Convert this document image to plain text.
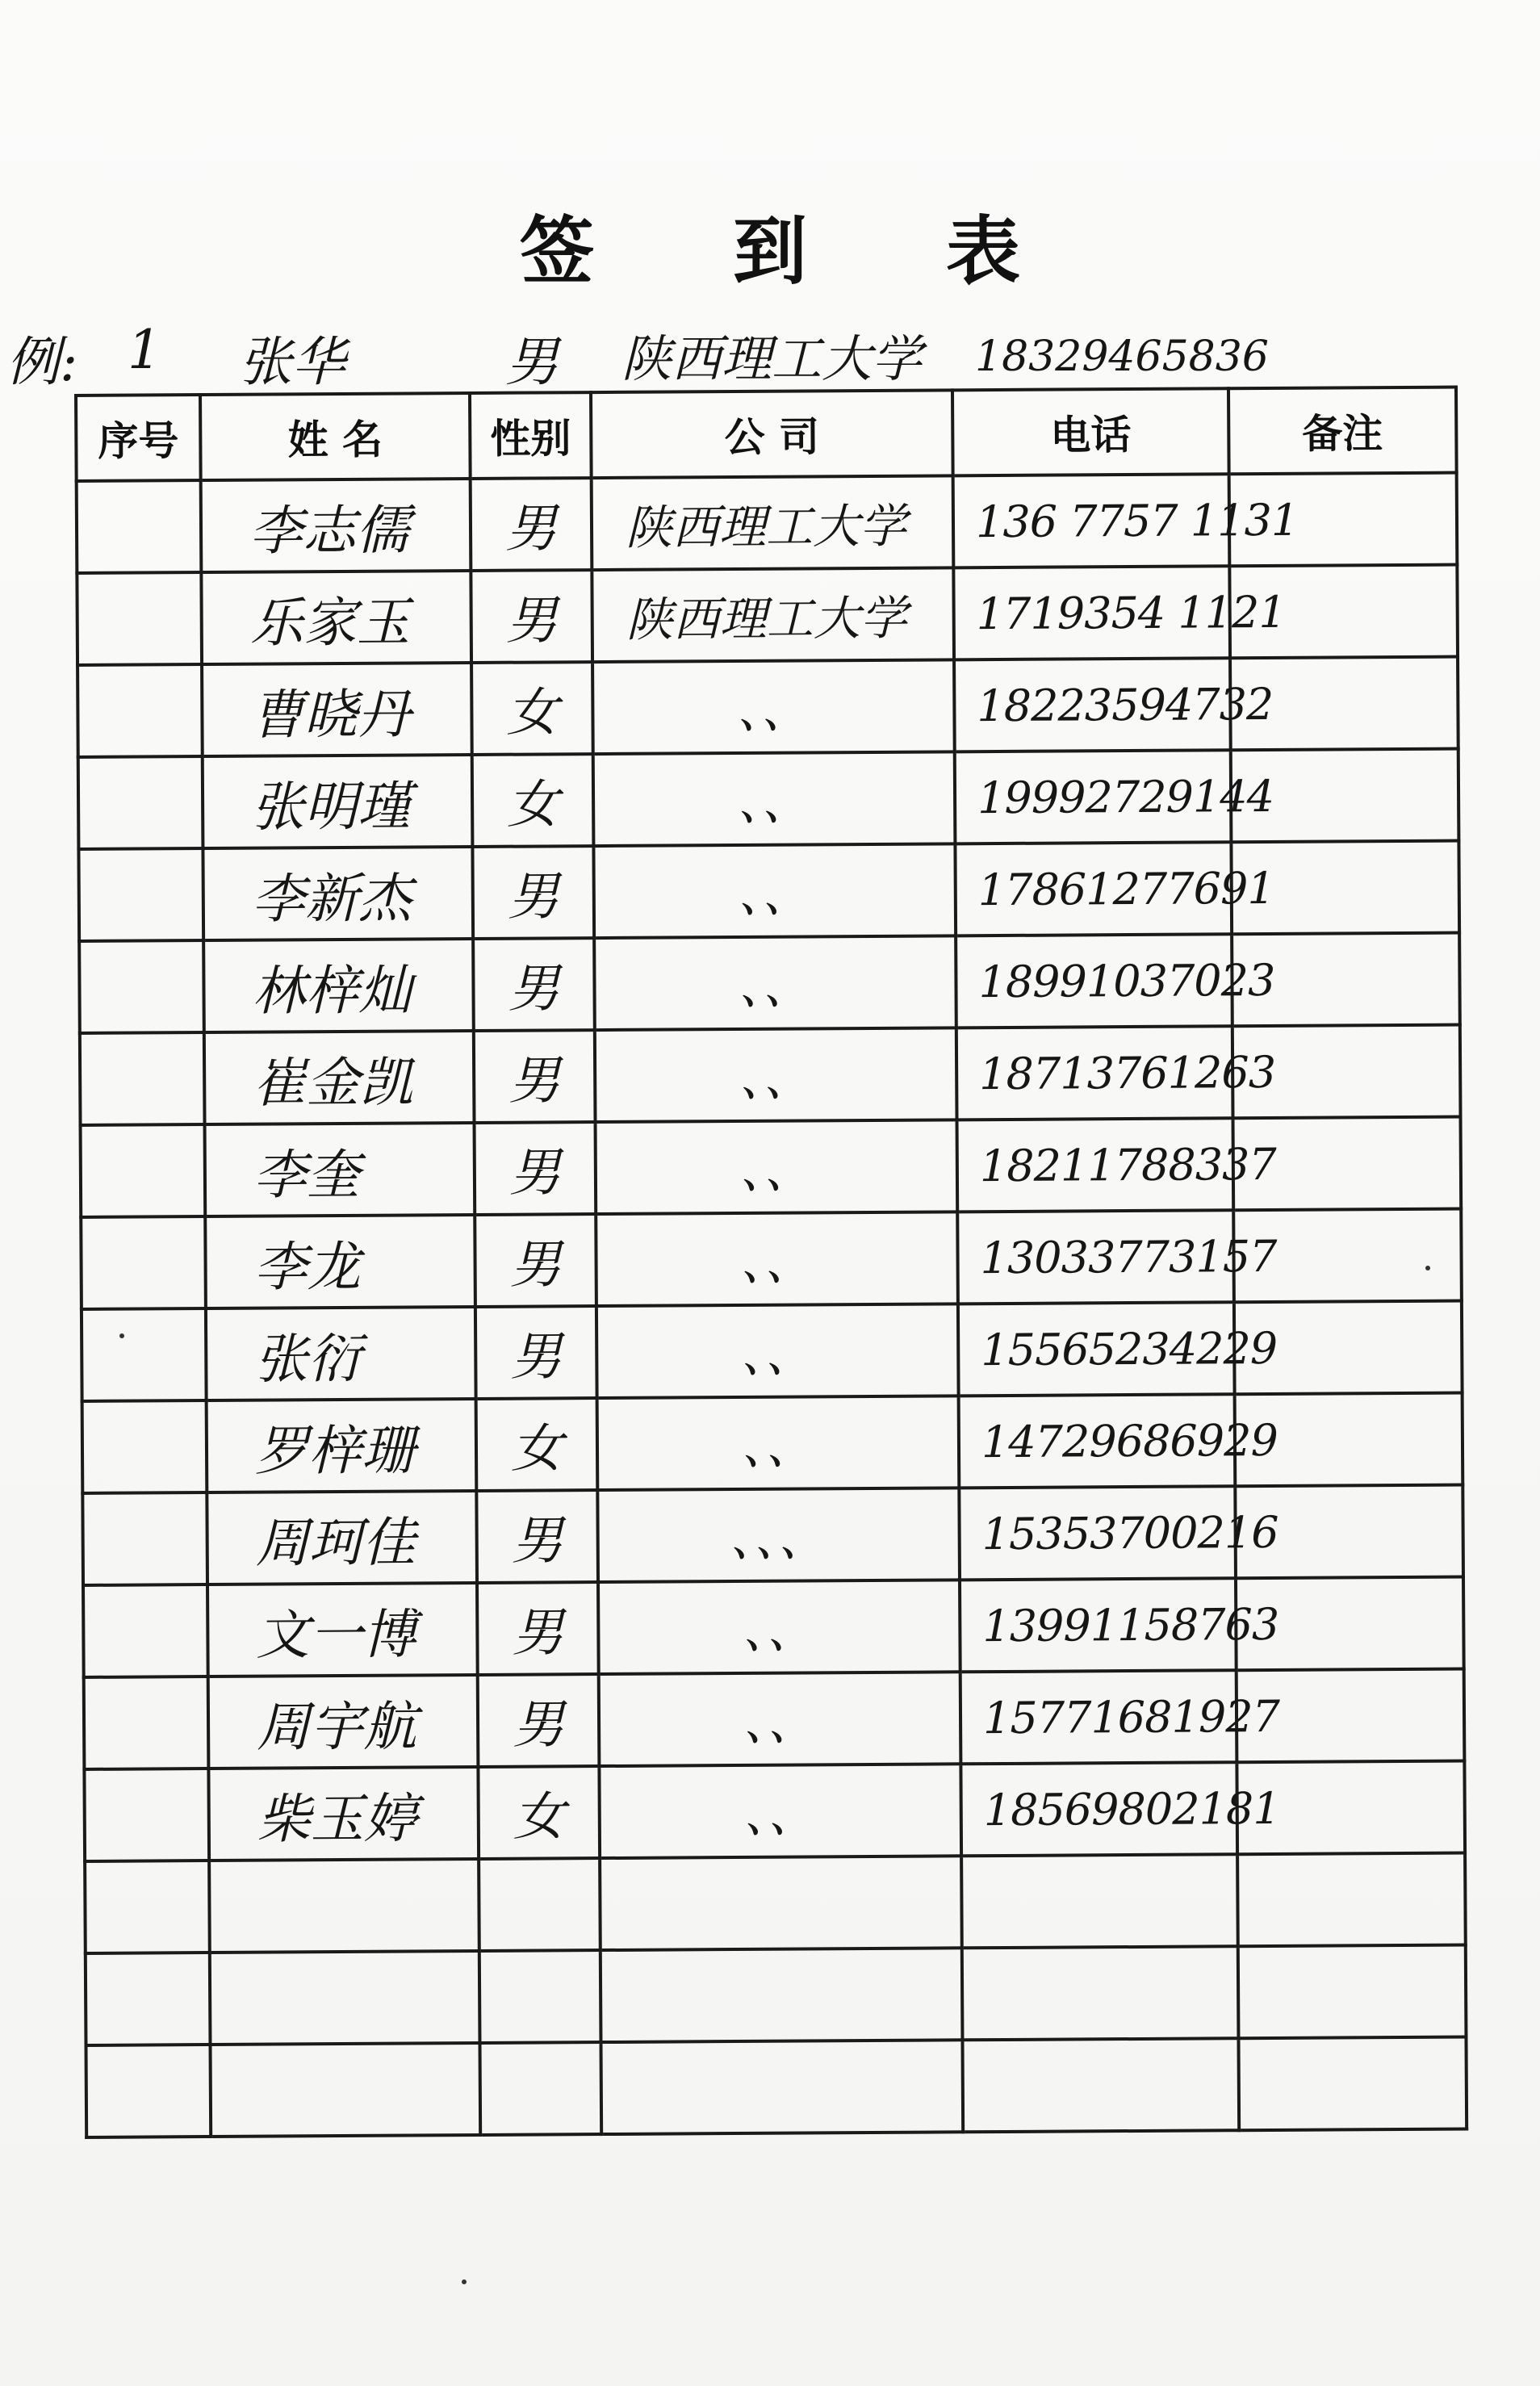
签 到 表
例: 1 张华	男 陕西理工大学 18329465836
序号	姓 名	性别	公 司	电话	备注
	李志儒	男	陕西理工大学	136 7757 1131	
	乐家玉	男	陕西理工大学	1719354 1121	
	曹晓丹	女	、、	18223594732	
	张明瑾	女	、、	19992729144	
	李新杰	男	、、	17861277691	
	林梓灿	男	、、	18991037023	
	崔金凯	男	、、	18713761263	
	李奎	男	、、	18211788337	
	李龙	男	、、	13033773157	
	张衍	男	、、	15565234229	
	罗梓珊	女	、、	14729686929	
	周珂佳	男	、、、	15353700216	
	文一博	男	、、	13991158763	
	周宇航	男	、、	15771681927	
	柴玉婷	女	、、	18569802181	
